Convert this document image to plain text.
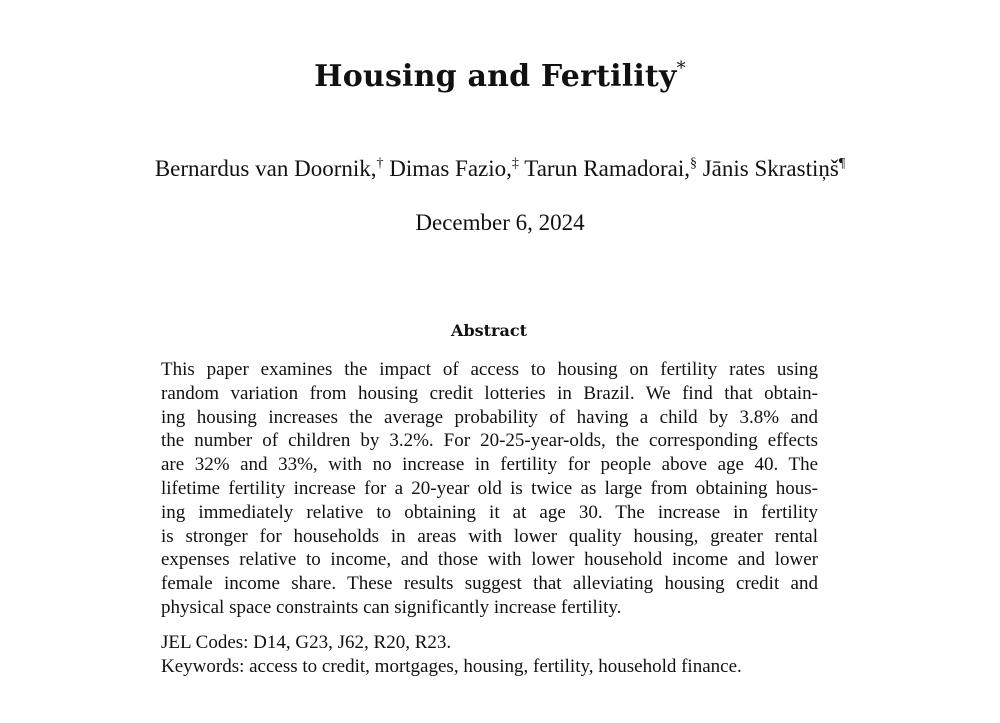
Housing and Fertility*
Bernardus van Doornik,† Dimas Fazio,‡ Tarun Ramadorai,§ Jānis Skrastiņš¶
December 6, 2024
Abstract
This paper examines the impact of access to housing on fertility rates using
random variation from housing credit lotteries in Brazil. We find that obtain-
ing housing increases the average probability of having a child by 3.8% and
the number of children by 3.2%. For 20-25-year-olds, the corresponding effects
are 32% and 33%, with no increase in fertility for people above age 40. The
lifetime fertility increase for a 20-year old is twice as large from obtaining hous-
ing immediately relative to obtaining it at age 30. The increase in fertility
is stronger for households in areas with lower quality housing, greater rental
expenses relative to income, and those with lower household income and lower
female income share. These results suggest that alleviating housing credit and
physical space constraints can significantly increase fertility.
JEL Codes: D14, G23, J62, R20, R23.
Keywords: access to credit, mortgages, housing, fertility, household finance.
